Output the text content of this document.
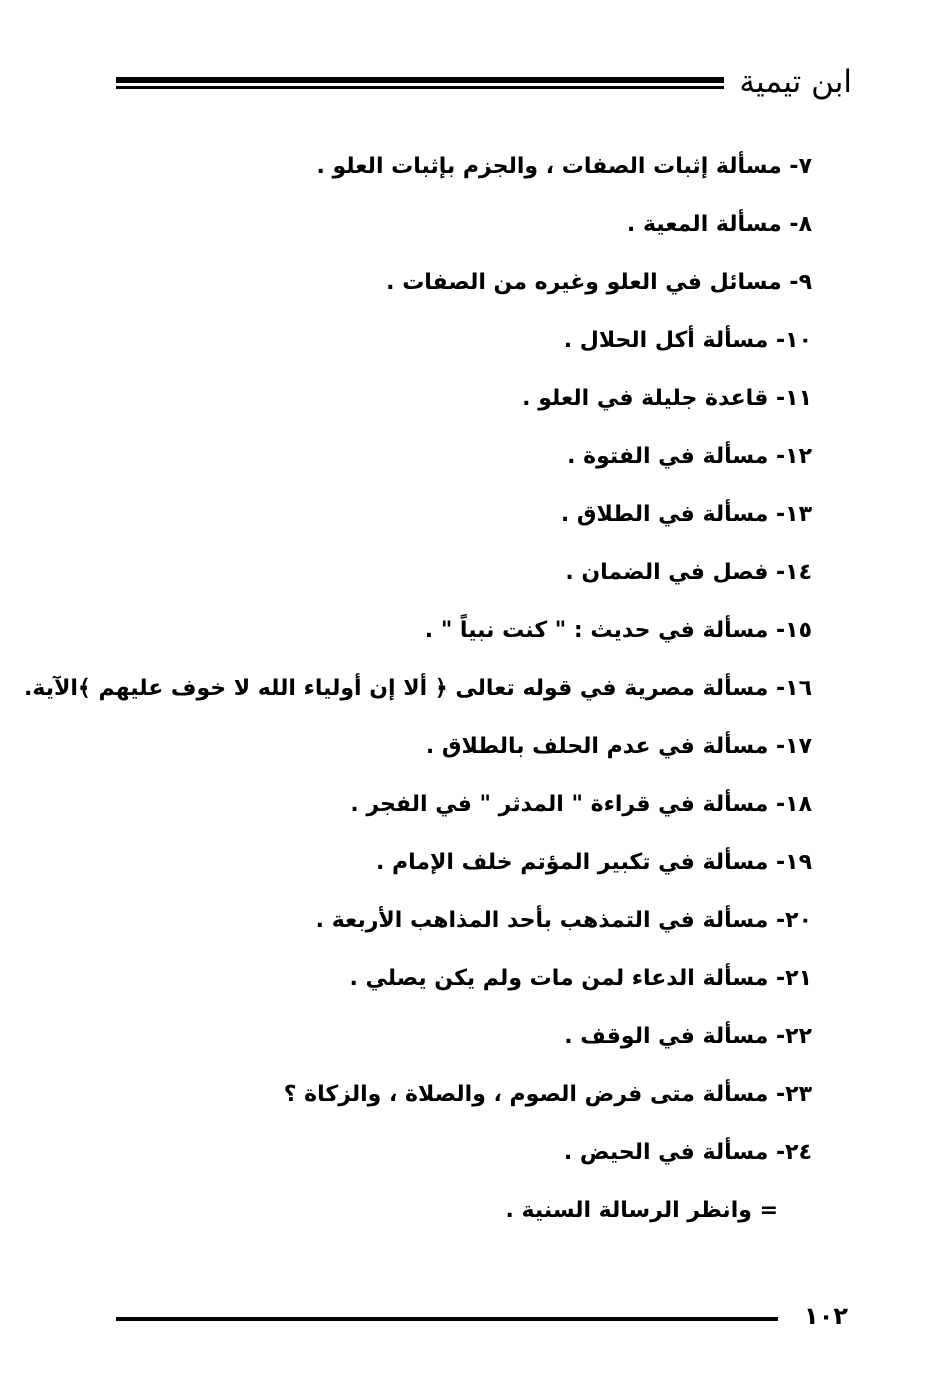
ابن تيمية
٧- مسألة إثبات الصفات ، والجزم بإثبات العلو .
٨- مسألة المعية .
٩- مسائل في العلو وغيره من الصفات .
١٠- مسألة أكل الحلال .
١١- قاعدة جليلة في العلو .
١٢- مسألة في الفتوة .
١٣- مسألة في الطلاق .
١٤- فصل في الضمان .
١٥- مسألة في حديث : " كنت نبياً " .
١٦- مسألة مصرية في قوله تعالى ﴿ ألا إن أولياء الله لا خوف عليهم ﴾الآية.
١٧- مسألة في عدم الحلف بالطلاق .
١٨- مسألة في قراءة " المدثر " في الفجر .
١٩- مسألة في تكبير المؤتم خلف الإمام .
٢٠- مسألة في التمذهب بأحد المذاهب الأربعة .
٢١- مسألة الدعاء لمن مات ولم يكن يصلي .
٢٢- مسألة في الوقف .
٢٣- مسألة متى فرض الصوم ، والصلاة ، والزكاة ؟
٢٤- مسألة في الحيض .
= وانظر الرسالة السنية .
١٠٢
